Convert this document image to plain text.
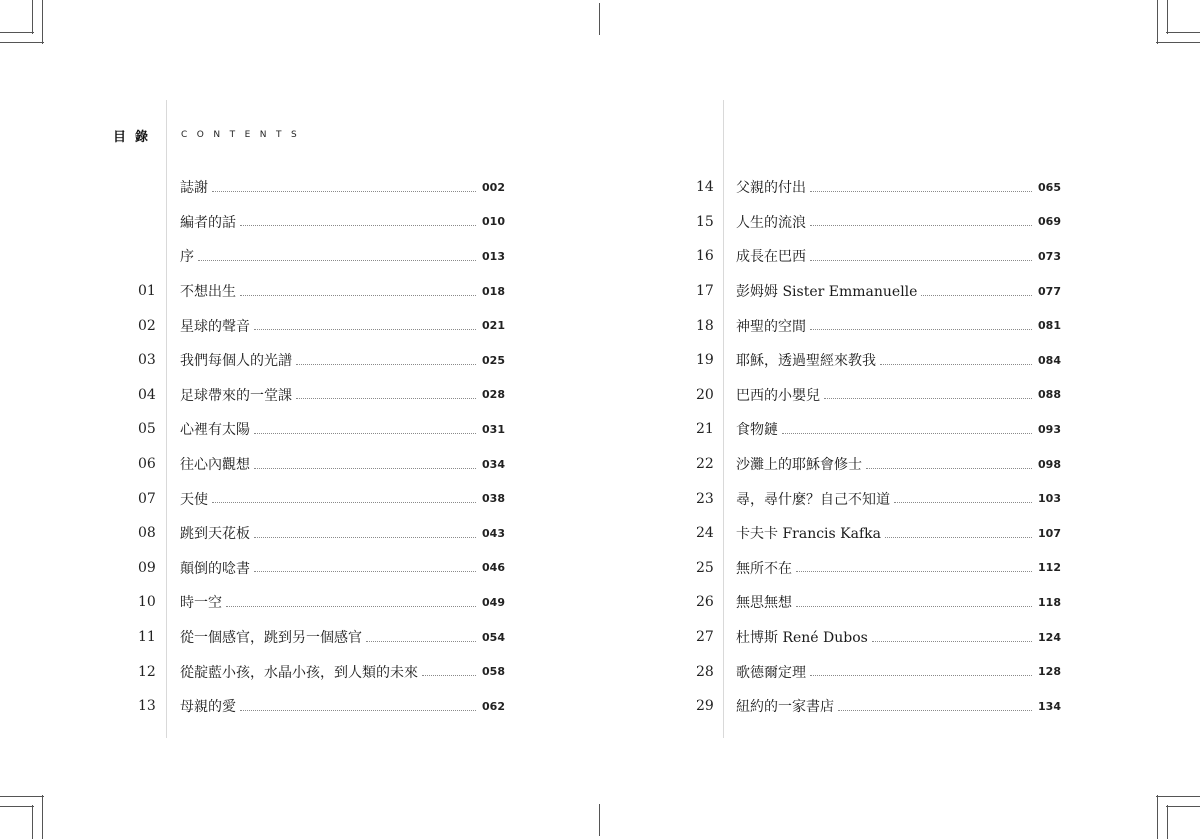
目錄	CONTENTS
誌謝	002
編者的話	010
序	013
01	不想出生	018
02	星球的聲音	021
03	我們每個人的光譜	025
04	足球帶來的一堂課	028
05	心裡有太陽	031
06	往心內觀想	034
07	天使	038
08	跳到天花板	043
09	顛倒的唸書	046
10	時一空	049
11	從一個感官，跳到另一個感官	054
12	從靛藍小孩，水晶小孩，到人類的未來	058
13	母親的愛	062
14	父親的付出	065
15	人生的流浪	069
16	成長在巴西	073
17	彭姆姆 Sister Emmanuelle	077
18	神聖的空間	081
19	耶穌，透過聖經來教我	084
20	巴西的小嬰兒	088
21	食物鏈	093
22	沙灘上的耶穌會修士	098
23	尋，尋什麼？自己不知道	103
24	卡夫卡 Francis Kafka	107
25	無所不在	112
26	無思無想	118
27	杜博斯 René Dubos	124
28	歌德爾定理	128
29	紐約的一家書店	134
